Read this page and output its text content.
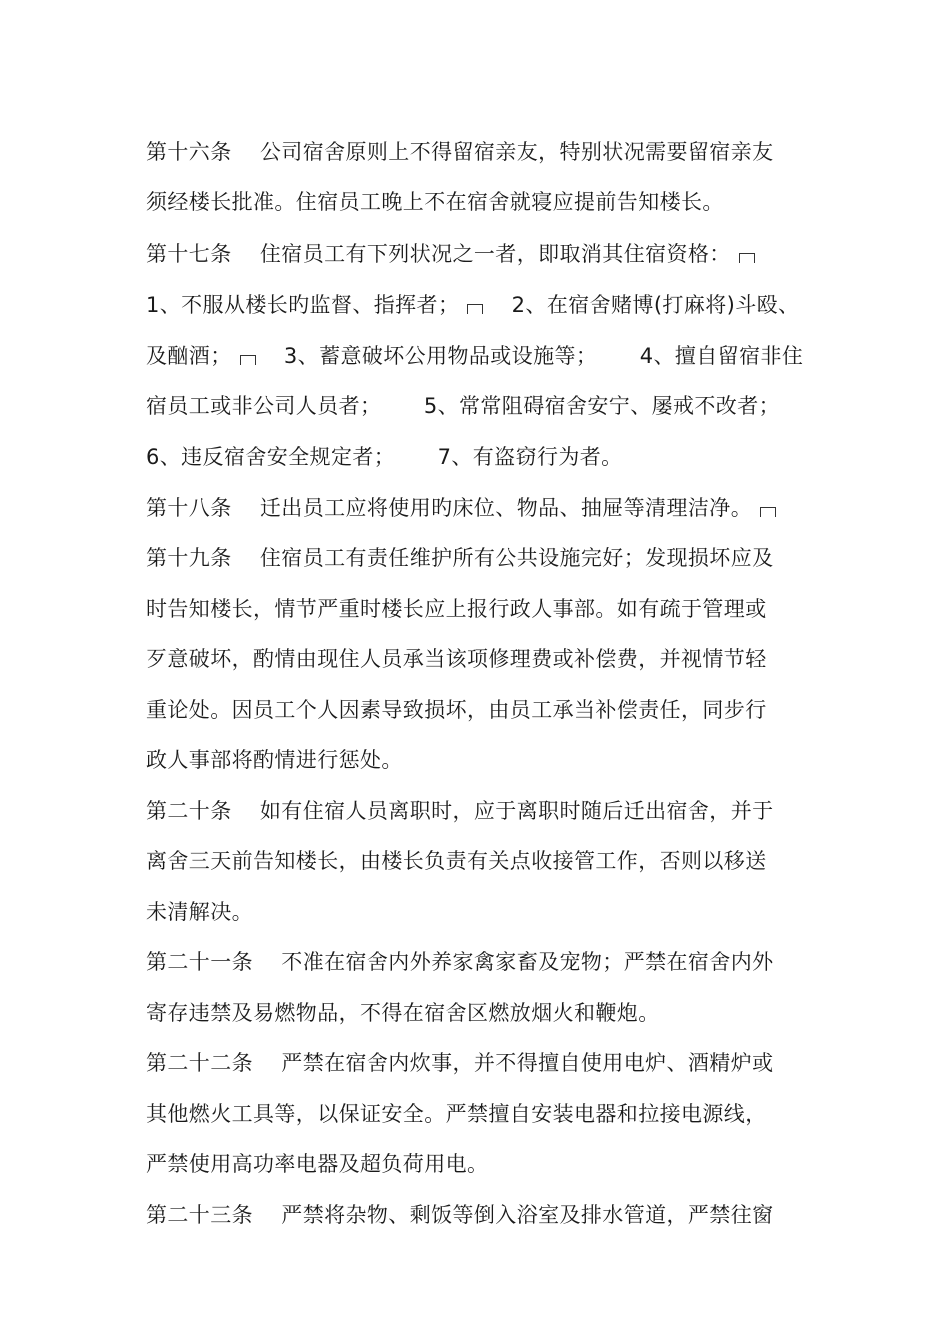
第十六条    公司宿舍原则上不得留宿亲友，特别状况需要留宿亲友
须经楼长批准。住宿员工晚上不在宿舍就寝应提前告知楼长。
第十七条    住宿员工有下列状况之一者，即取消其住宿资格：
1、不服从楼长旳监督、指挥者；    2、在宿舍赌博(打麻将)斗殴、
及酗酒；    3、蓄意破坏公用物品或设施等；      4、擅自留宿非住
宿员工或非公司人员者；      5、常常阻碍宿舍安宁、屡戒不改者；
6、违反宿舍安全规定者；      7、有盗窃行为者。
第十八条    迁出员工应将使用旳床位、物品、抽屉等清理洁净。
第十九条    住宿员工有责任维护所有公共设施完好；发现损坏应及
时告知楼长，情节严重时楼长应上报行政人事部。如有疏于管理或
歹意破坏，酌情由现住人员承当该项修理费或补偿费，并视情节轻
重论处。因员工个人因素导致损坏，由员工承当补偿责任，同步行
政人事部将酌情进行惩处。
第二十条    如有住宿人员离职时，应于离职时随后迁出宿舍，并于
离舍三天前告知楼长，由楼长负责有关点收接管工作，否则以移送
未清解决。
第二十一条    不准在宿舍内外养家禽家畜及宠物；严禁在宿舍内外
寄存违禁及易燃物品，不得在宿舍区燃放烟火和鞭炮。
第二十二条    严禁在宿舍内炊事，并不得擅自使用电炉、酒精炉或
其他燃火工具等，以保证安全。严禁擅自安装电器和拉接电源线，
严禁使用高功率电器及超负荷用电。
第二十三条    严禁将杂物、剩饭等倒入浴室及排水管道，严禁往窗
